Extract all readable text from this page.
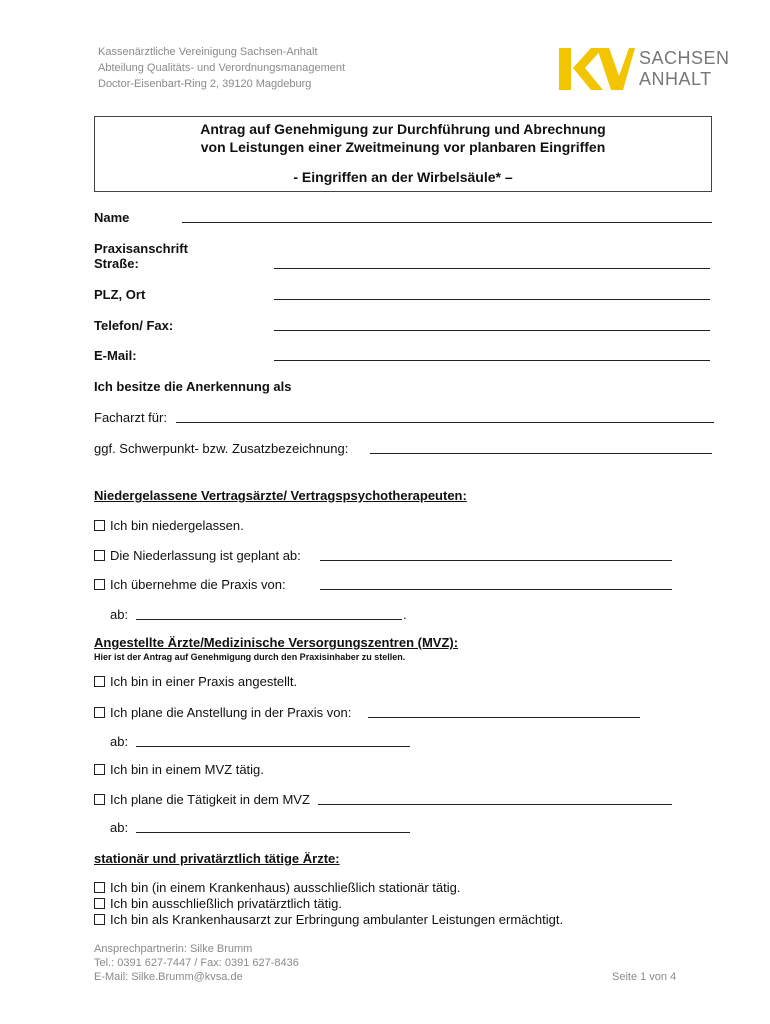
Kassenärztliche Vereinigung Sachsen-Anhalt
Abteilung Qualitäts- und Verordnungsmanagement
Doctor-Eisenbart-Ring 2, 39120 Magdeburg
SACHSEN
ANHALT
Antrag auf Genehmigung zur Durchführung und Abrechnung
von Leistungen einer Zweitmeinung vor planbaren Eingriffen
- Eingriffen an der Wirbelsäule* –
Name
Praxisanschrift
Straße:
PLZ, Ort
Telefon/ Fax:
E-Mail:
Ich besitze die Anerkennung als
Facharzt für:
ggf. Schwerpunkt- bzw. Zusatzbezeichnung:
Niedergelassene Vertragsärzte/ Vertragspsychotherapeuten:
Ich bin niedergelassen.
Die Niederlassung ist geplant ab:
Ich übernehme die Praxis von:
ab:	.
Angestellte Ärzte/Medizinische Versorgungszentren (MVZ):
Hier ist der Antrag auf Genehmigung durch den Praxisinhaber zu stellen.
Ich bin in einer Praxis angestellt.
Ich plane die Anstellung in der Praxis von:
ab:
Ich bin in einem MVZ tätig.
Ich plane die Tätigkeit in dem MVZ
ab:
stationär und privatärztlich tätige Ärzte:
Ich bin (in einem Krankenhaus) ausschließlich stationär tätig.
Ich bin ausschließlich privatärztlich tätig.
Ich bin als Krankenhausarzt zur Erbringung ambulanter Leistungen ermächtigt.
Ansprechpartnerin: Silke Brumm
Tel.: 0391 627-7447 / Fax: 0391 627-8436
E-Mail: Silke.Brumm@kvsa.de	Seite 1 von 4
